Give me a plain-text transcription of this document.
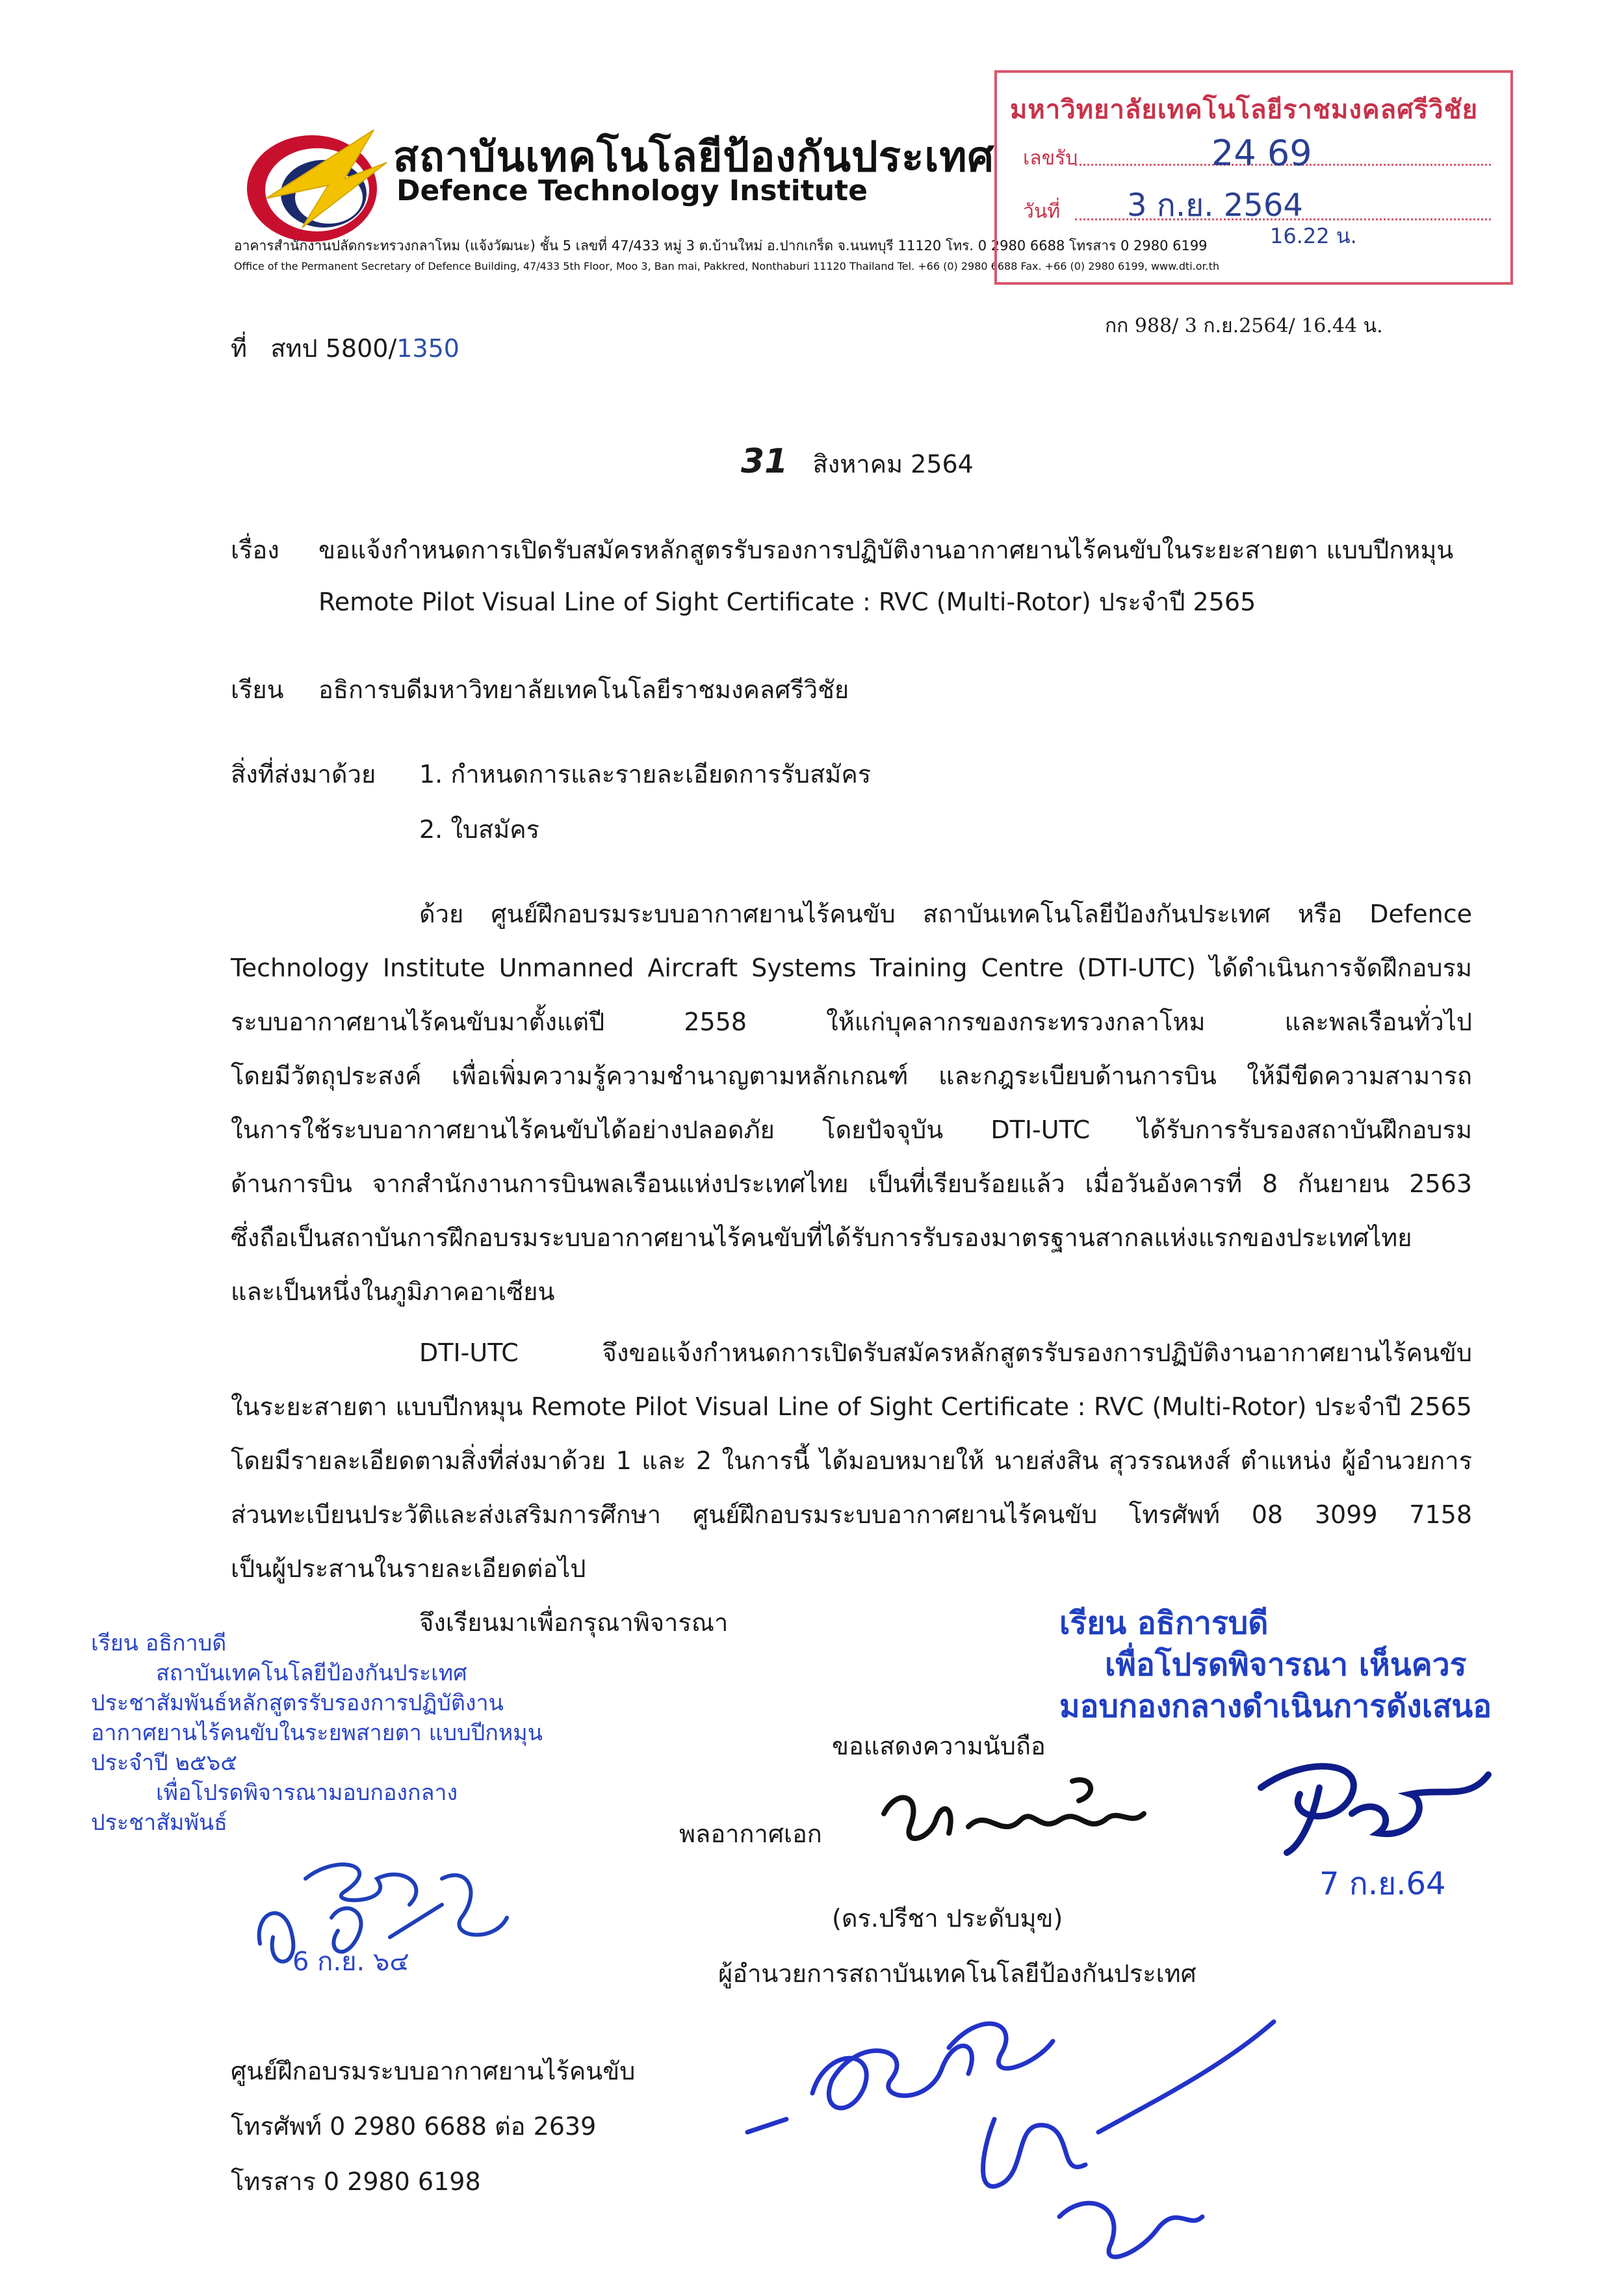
สถาบันเทคโนโลยีป้องกันประเทศ
Defence Technology Institute
อาคารสำนักงานปลัดกระทรวงกลาโหม (แจ้งวัฒนะ) ชั้น 5 เลขที่ 47/433 หมู่ 3 ต.บ้านใหม่ อ.ปากเกร็ด จ.นนทบุรี 11120 โทร. 0 2980 6688 โทรสาร 0 2980 6199
Office of the Permanent Secretary of Defence Building, 47/433 5th Floor, Moo 3, Ban mai, Pakkred, Nonthaburi 11120 Thailand Tel. +66 (0) 2980 6688 Fax. +66 (0) 2980 6199, www.dti.or.th
มหาวิทยาลัยเทคโนโลยีราชมงคลศรีวิชัย
เลขรับ	24 69
วันที่ 3 ก.ย. 2564
16.22 น.
กก 988/ 3 ก.ย.2564/ 16.44 น.
ที่ สทป 5800/1350
31 สิงหาคม 2564
เรื่อง ขอแจ้งกำหนดการเปิดรับสมัครหลักสูตรรับรองการปฏิบัติงานอากาศยานไร้คนขับในระยะสายตา แบบปีกหมุน
Remote Pilot Visual Line of Sight Certificate : RVC (Multi-Rotor) ประจำปี 2565
เรียน อธิการบดีมหาวิทยาลัยเทคโนโลยีราชมงคลศรีวิชัย
สิ่งที่ส่งมาด้วย 1. กำหนดการและรายละเอียดการรับสมัคร
2. ใบสมัคร
ด้วย ศูนย์ฝึกอบรมระบบอากาศยานไร้คนขับ สถาบันเทคโนโลยีป้องกันประเทศ หรือ Defence
Technology Institute Unmanned Aircraft Systems Training Centre (DTI-UTC) ได้ดำเนินการจัดฝึกอบรม
ระบบอากาศยานไร้คนขับมาตั้งแต่ปี 2558 ให้แก่บุคลากรของกระทรวงกลาโหม และพลเรือนทั่วไป
โดยมีวัตถุประสงค์ เพื่อเพิ่มความรู้ความชำนาญตามหลักเกณฑ์ และกฎระเบียบด้านการบิน ให้มีขีดความสามารถ
ในการใช้ระบบอากาศยานไร้คนขับได้อย่างปลอดภัย โดยปัจจุบัน DTI-UTC ได้รับการรับรองสถาบันฝึกอบรม
ด้านการบิน จากสำนักงานการบินพลเรือนแห่งประเทศไทย เป็นที่เรียบร้อยแล้ว เมื่อวันอังคารที่ 8 กันยายน 2563
ซึ่งถือเป็นสถาบันการฝึกอบรมระบบอากาศยานไร้คนขับที่ได้รับการรับรองมาตรฐานสากลแห่งแรกของประเทศไทย
และเป็นหนึ่งในภูมิภาคอาเซียน
DTI-UTC จึงขอแจ้งกำหนดการเปิดรับสมัครหลักสูตรรับรองการปฏิบัติงานอากาศยานไร้คนขับ
ในระยะสายตา แบบปีกหมุน Remote Pilot Visual Line of Sight Certificate : RVC (Multi-Rotor) ประจำปี 2565
โดยมีรายละเอียดตามสิ่งที่ส่งมาด้วย 1 และ 2 ในการนี้ ได้มอบหมายให้ นายส่งสิน สุวรรณหงส์ ตำแหน่ง ผู้อำนวยการ
ส่วนทะเบียนประวัติและส่งเสริมการศึกษา ศูนย์ฝึกอบรมระบบอากาศยานไร้คนขับ โทรศัพท์ 08 3099 7158
เป็นผู้ประสานในรายละเอียดต่อไป
จึงเรียนมาเพื่อกรุณาพิจารณา
เรียน อธิกาบดี
สถาบันเทคโนโลยีป้องกันประเทศ
ประชาสัมพันธ์หลักสูตรรับรองการปฏิบัติงาน
อากาศยานไร้คนขับในระยพสายตา แบบปีกหมุน
ประจำปี ๒๕๖๕
เพื่อโปรดพิจารณามอบกองกลาง
ประชาสัมพันธ์
6 ก.ย. ๖๔
เรียน อธิการบดี
เพื่อโปรดพิจารณา เห็นควร
มอบกองกลางดำเนินการดังเสนอ
7 ก.ย.64
ขอแสดงความนับถือ
พลอากาศเอก
(ดร.ปรีชา ประดับมุข)
ผู้อำนวยการสถาบันเทคโนโลยีป้องกันประเทศ
ศูนย์ฝึกอบรมระบบอากาศยานไร้คนขับ
โทรศัพท์ 0 2980 6688 ต่อ 2639
โทรสาร 0 2980 6198
